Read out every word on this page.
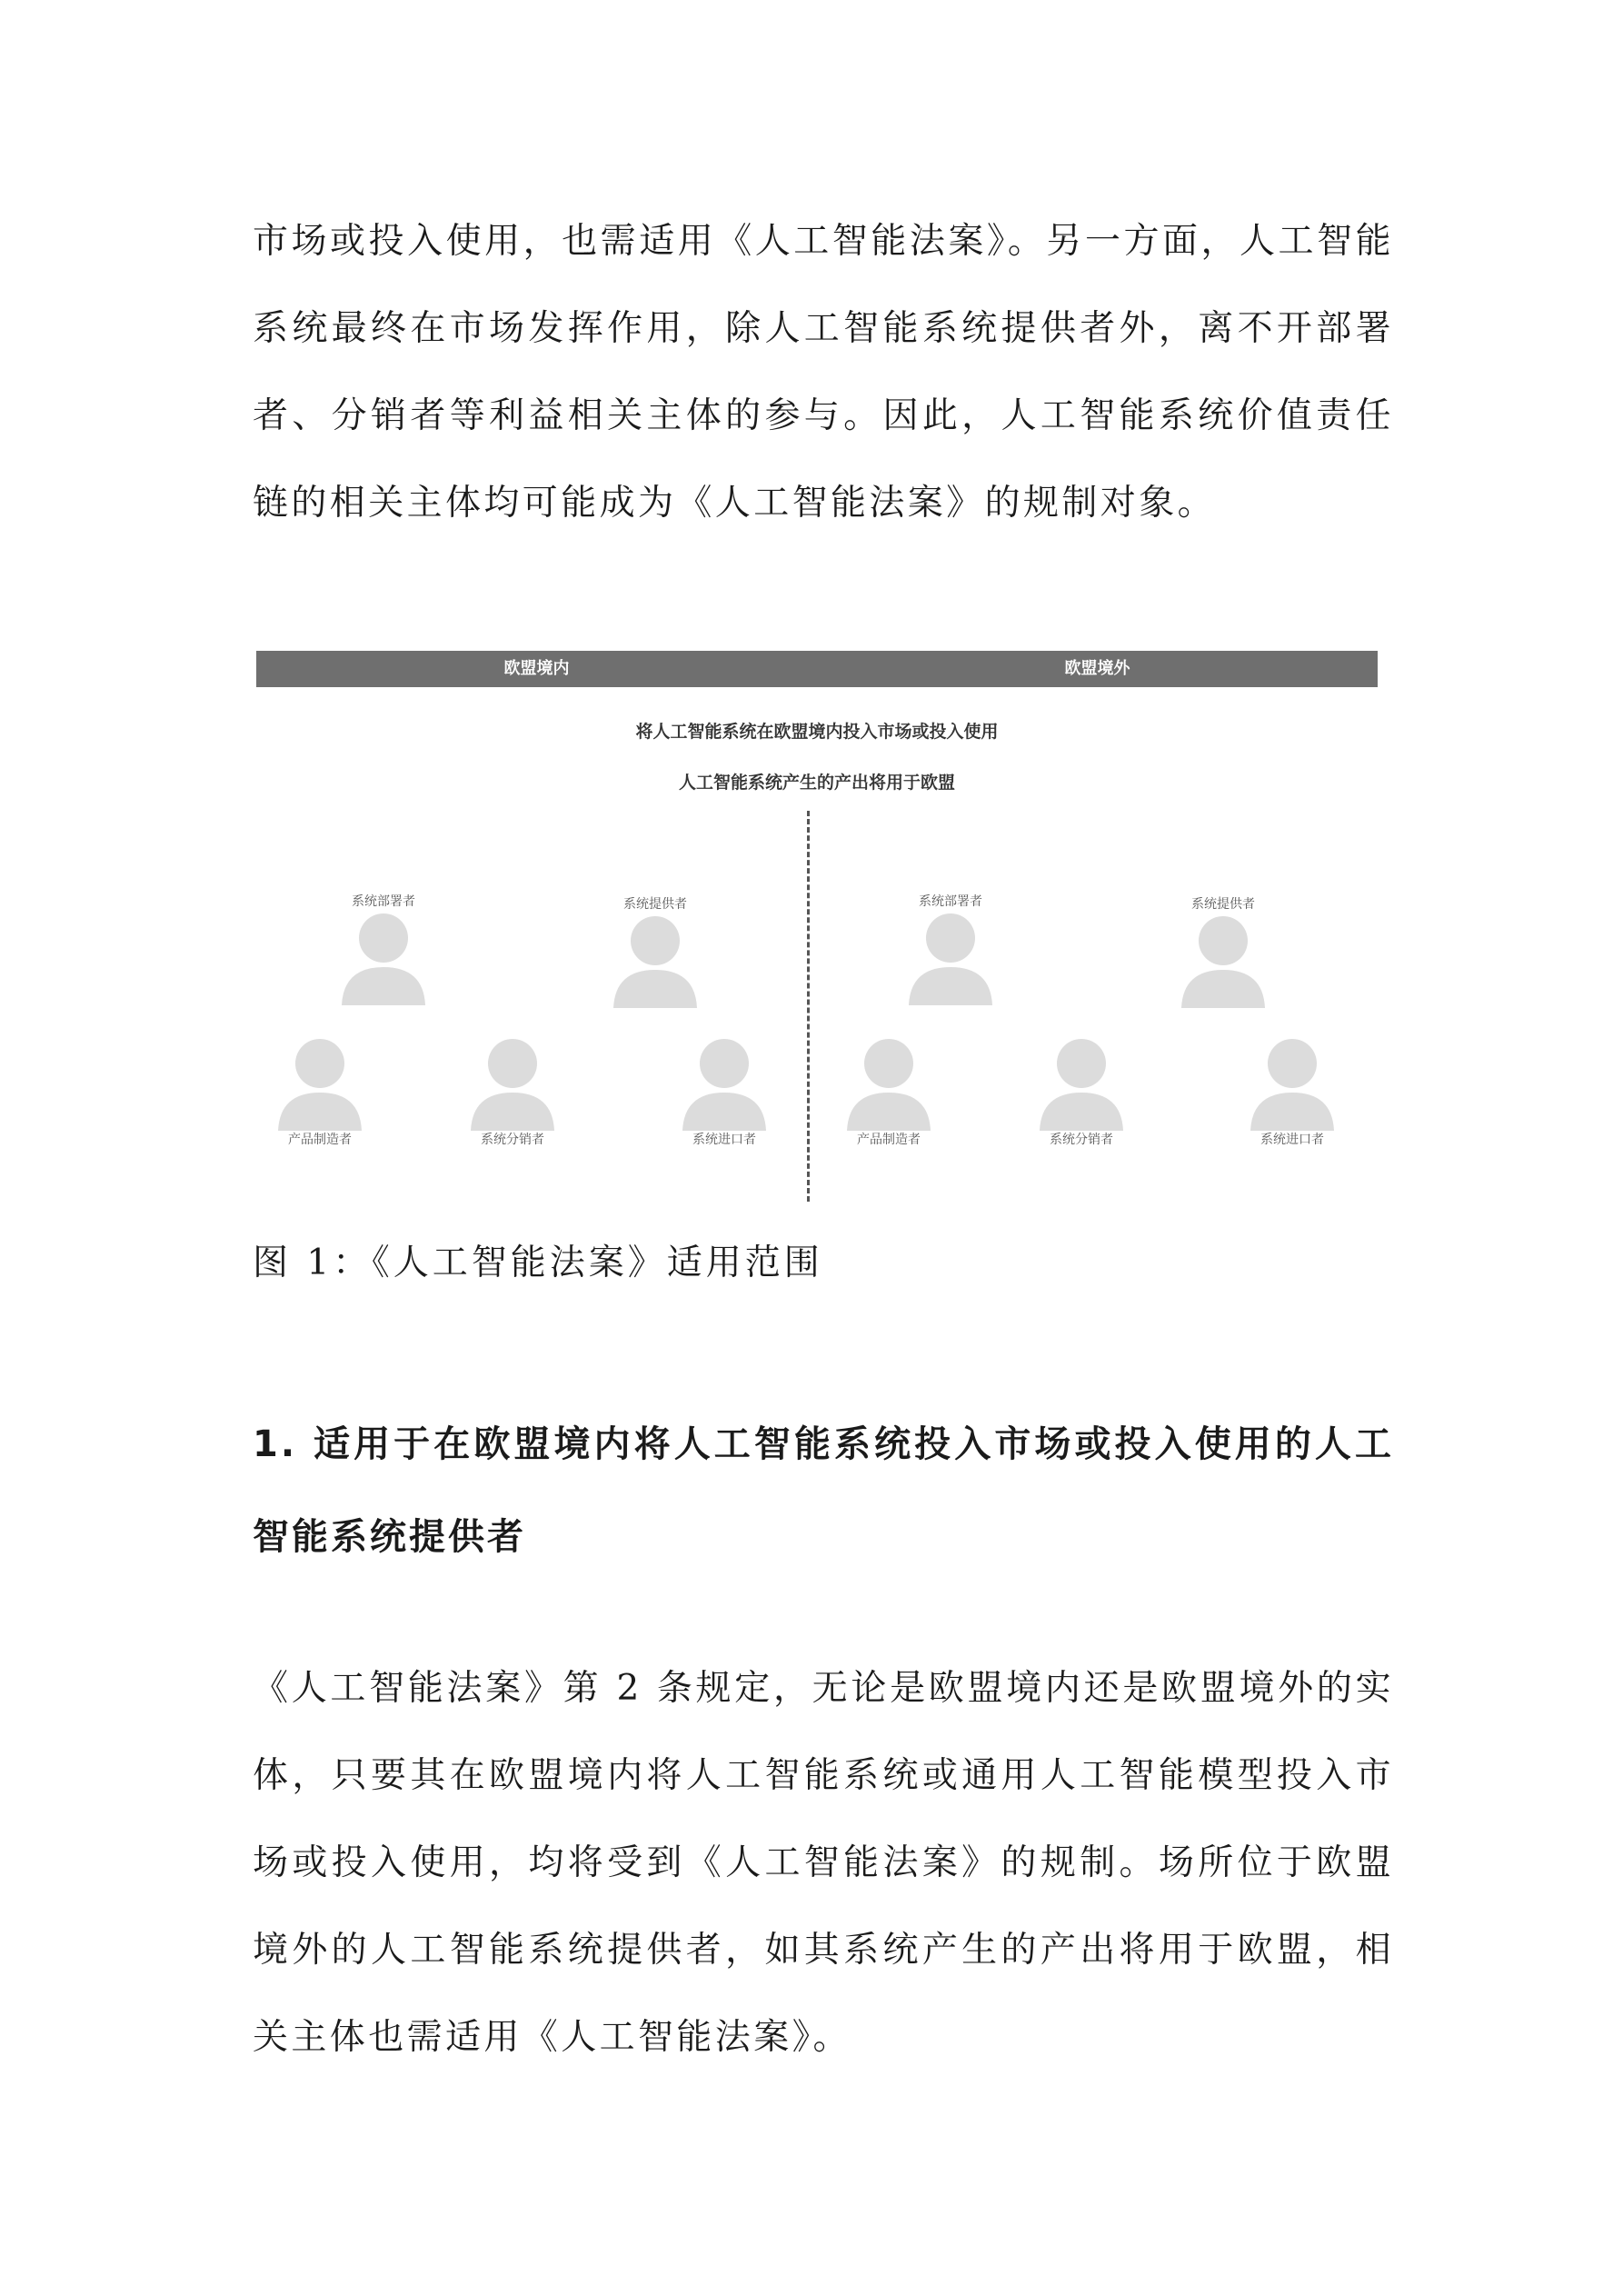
市场或投入使用，也需适用《人工智能法案》。另一方面，人工智能系统最终在市场发挥作用，除人工智能系统提供者外，离不开部署者、分销者等利益相关主体的参与。因此，人工智能系统价值责任链的相关主体均可能成为《人工智能法案》的规制对象。

欧盟境内	欧盟境外
将人工智能系统在欧盟境内投入市场或投入使用
人工智能系统产生的产出将用于欧盟
系统部署者	系统提供者
产品制造者	系统分销者	系统进口者
系统部署者	系统提供者
产品制造者	系统分销者	系统进口者

图 1：《人工智能法案》适用范围

1. 适用于在欧盟境内将人工智能系统投入市场或投入使用的人工智能系统提供者

《人工智能法案》第 2 条规定，无论是欧盟境内还是欧盟境外的实体，只要其在欧盟境内将人工智能系统或通用人工智能模型投入市场或投入使用，均将受到《人工智能法案》的规制。场所位于欧盟境外的人工智能系统提供者，如其系统产生的产出将用于欧盟，相关主体也需适用《人工智能法案》。
